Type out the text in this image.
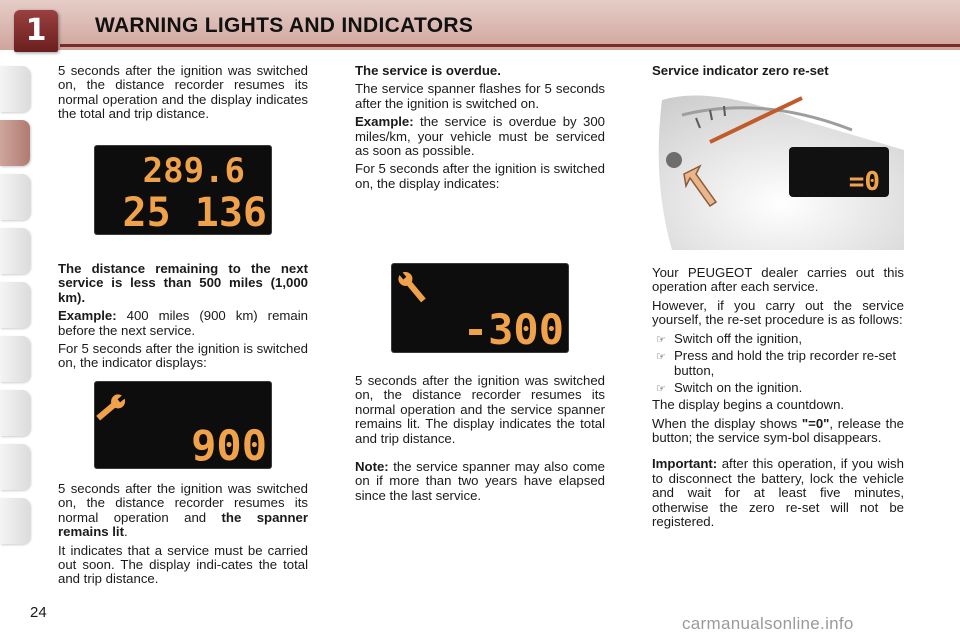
1	WARNING LIGHTS AND INDICATORS

5 seconds after the ignition was switched on, the distance recorder resumes its normal operation and the display indicates the total and trip distance.

289.6
25 136

The distance remaining to the next service is less than 500 miles (1,000 km).

Example: 400 miles (900 km) remain before the next service.

For 5 seconds after the ignition is switched on, the indicator displays:

900

5 seconds after the ignition was switched on, the distance recorder resumes its normal operation and the spanner remains lit.

It indicates that a service must be carried out soon. The display indi-cates the total and trip distance.

The service is overdue.

The service spanner flashes for 5 seconds after the ignition is switched on.

Example: the service is overdue by 300 miles/km, your vehicle must be serviced as soon as possible.

For 5 seconds after the ignition is switched on, the display indicates:

-300

5 seconds after the ignition was switched on, the distance recorder resumes its normal operation and the service spanner remains lit. The display indicates the total and trip distance.

Note: the service spanner may also come on if more than two years have elapsed since the last service.

Service indicator zero re-set

=0

Your PEUGEOT dealer carries out this operation after each service.

However, if you carry out the service yourself, the re-set procedure is as follows:

☞ Switch off the ignition,
☞ Press and hold the trip recorder re-set button,
☞ Switch on the ignition.

The display begins a countdown.

When the display shows "=0", release the button; the service sym-bol disappears.

Important: after this operation, if you wish to disconnect the battery, lock the vehicle and wait for at least five minutes, otherwise the zero re-set will not be registered.

24
carmanualsonline.info
